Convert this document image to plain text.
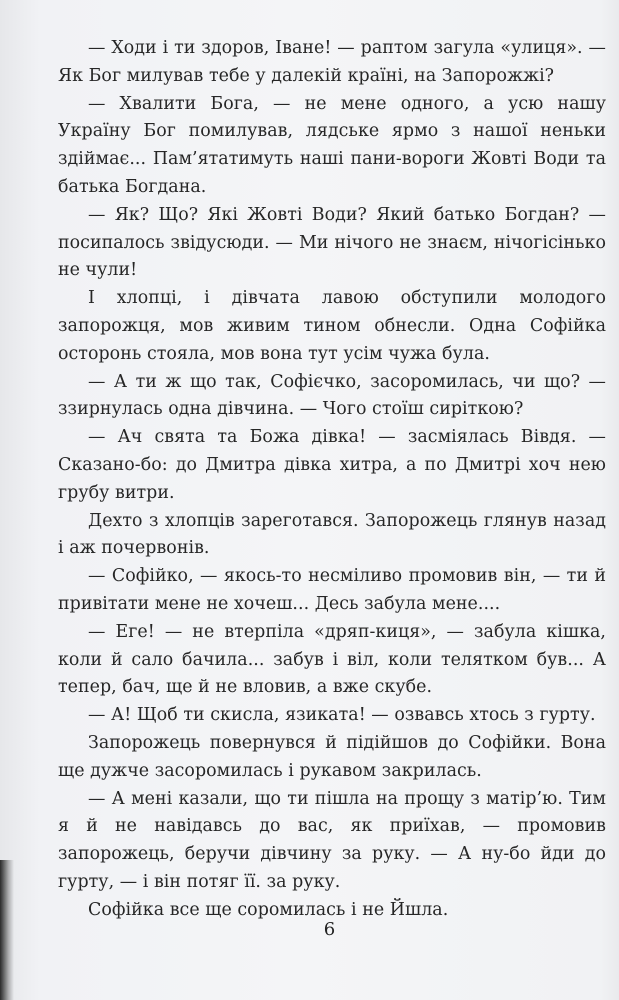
— Ходи і ти здоров, Іване! — раптом загула «улиця». — Як Бог милував тебе у далекій країні, на Запорожжі?

— Хвалити Бога, — не мене одного, а усю нашу Україну Бог помилував, лядське ярмо з нашої неньки здіймає... Пам’ятатимуть наші пани-вороги Жовті Води та батька Богдана.

— Як? Що? Які Жовті Води? Який батько Богдан? — посипалось звідусюди. — Ми нічого не знаєм, нічогісінько не чули!

І хлопці, і дівчата лавою обступили молодого запорожця, мов живим тином обнесли. Одна Софійка осторонь стояла, мов вона тут усім чужа була.

— А ти ж що так, Софієчко, засоромилась, чи що? — ззирнулась одна дівчина. — Чого стоїш сиріткою?

— Ач свята та Божа дівка! — засміялась Вівдя. — Сказано-бо: до Дмитра дівка хитра, а по Дмитрі хоч нею грубу витри.

Дехто з хлопців зареготався. Запорожець глянув назад і аж почервонів.

— Софійко, — якось-то несміливо промовив він, — ти й привітати мене не хочеш... Десь забула мене....

— Еге! — не втерпіла «дряп-киця», — забула кішка, коли й сало бачила... забув і віл, коли телятком був... А тепер, бач, ще й не вловив, а вже скубе.

— А! Щоб ти скисла, язиката! — озвавсь хтось з гурту.

Запорожець повернувся й підійшов до Софійки. Вона ще дужче засоромилась і рукавом закрилась.

— А мені казали, що ти пішла на прощу з матір’ю. Тим я й не навідавсь до вас, як приїхав, — промовив запорожець, беручи дівчину за руку. — А ну-бо йди до гурту, — і він потяг її. за руку.

Софійка все ще соромилась і не Йшла.

6
